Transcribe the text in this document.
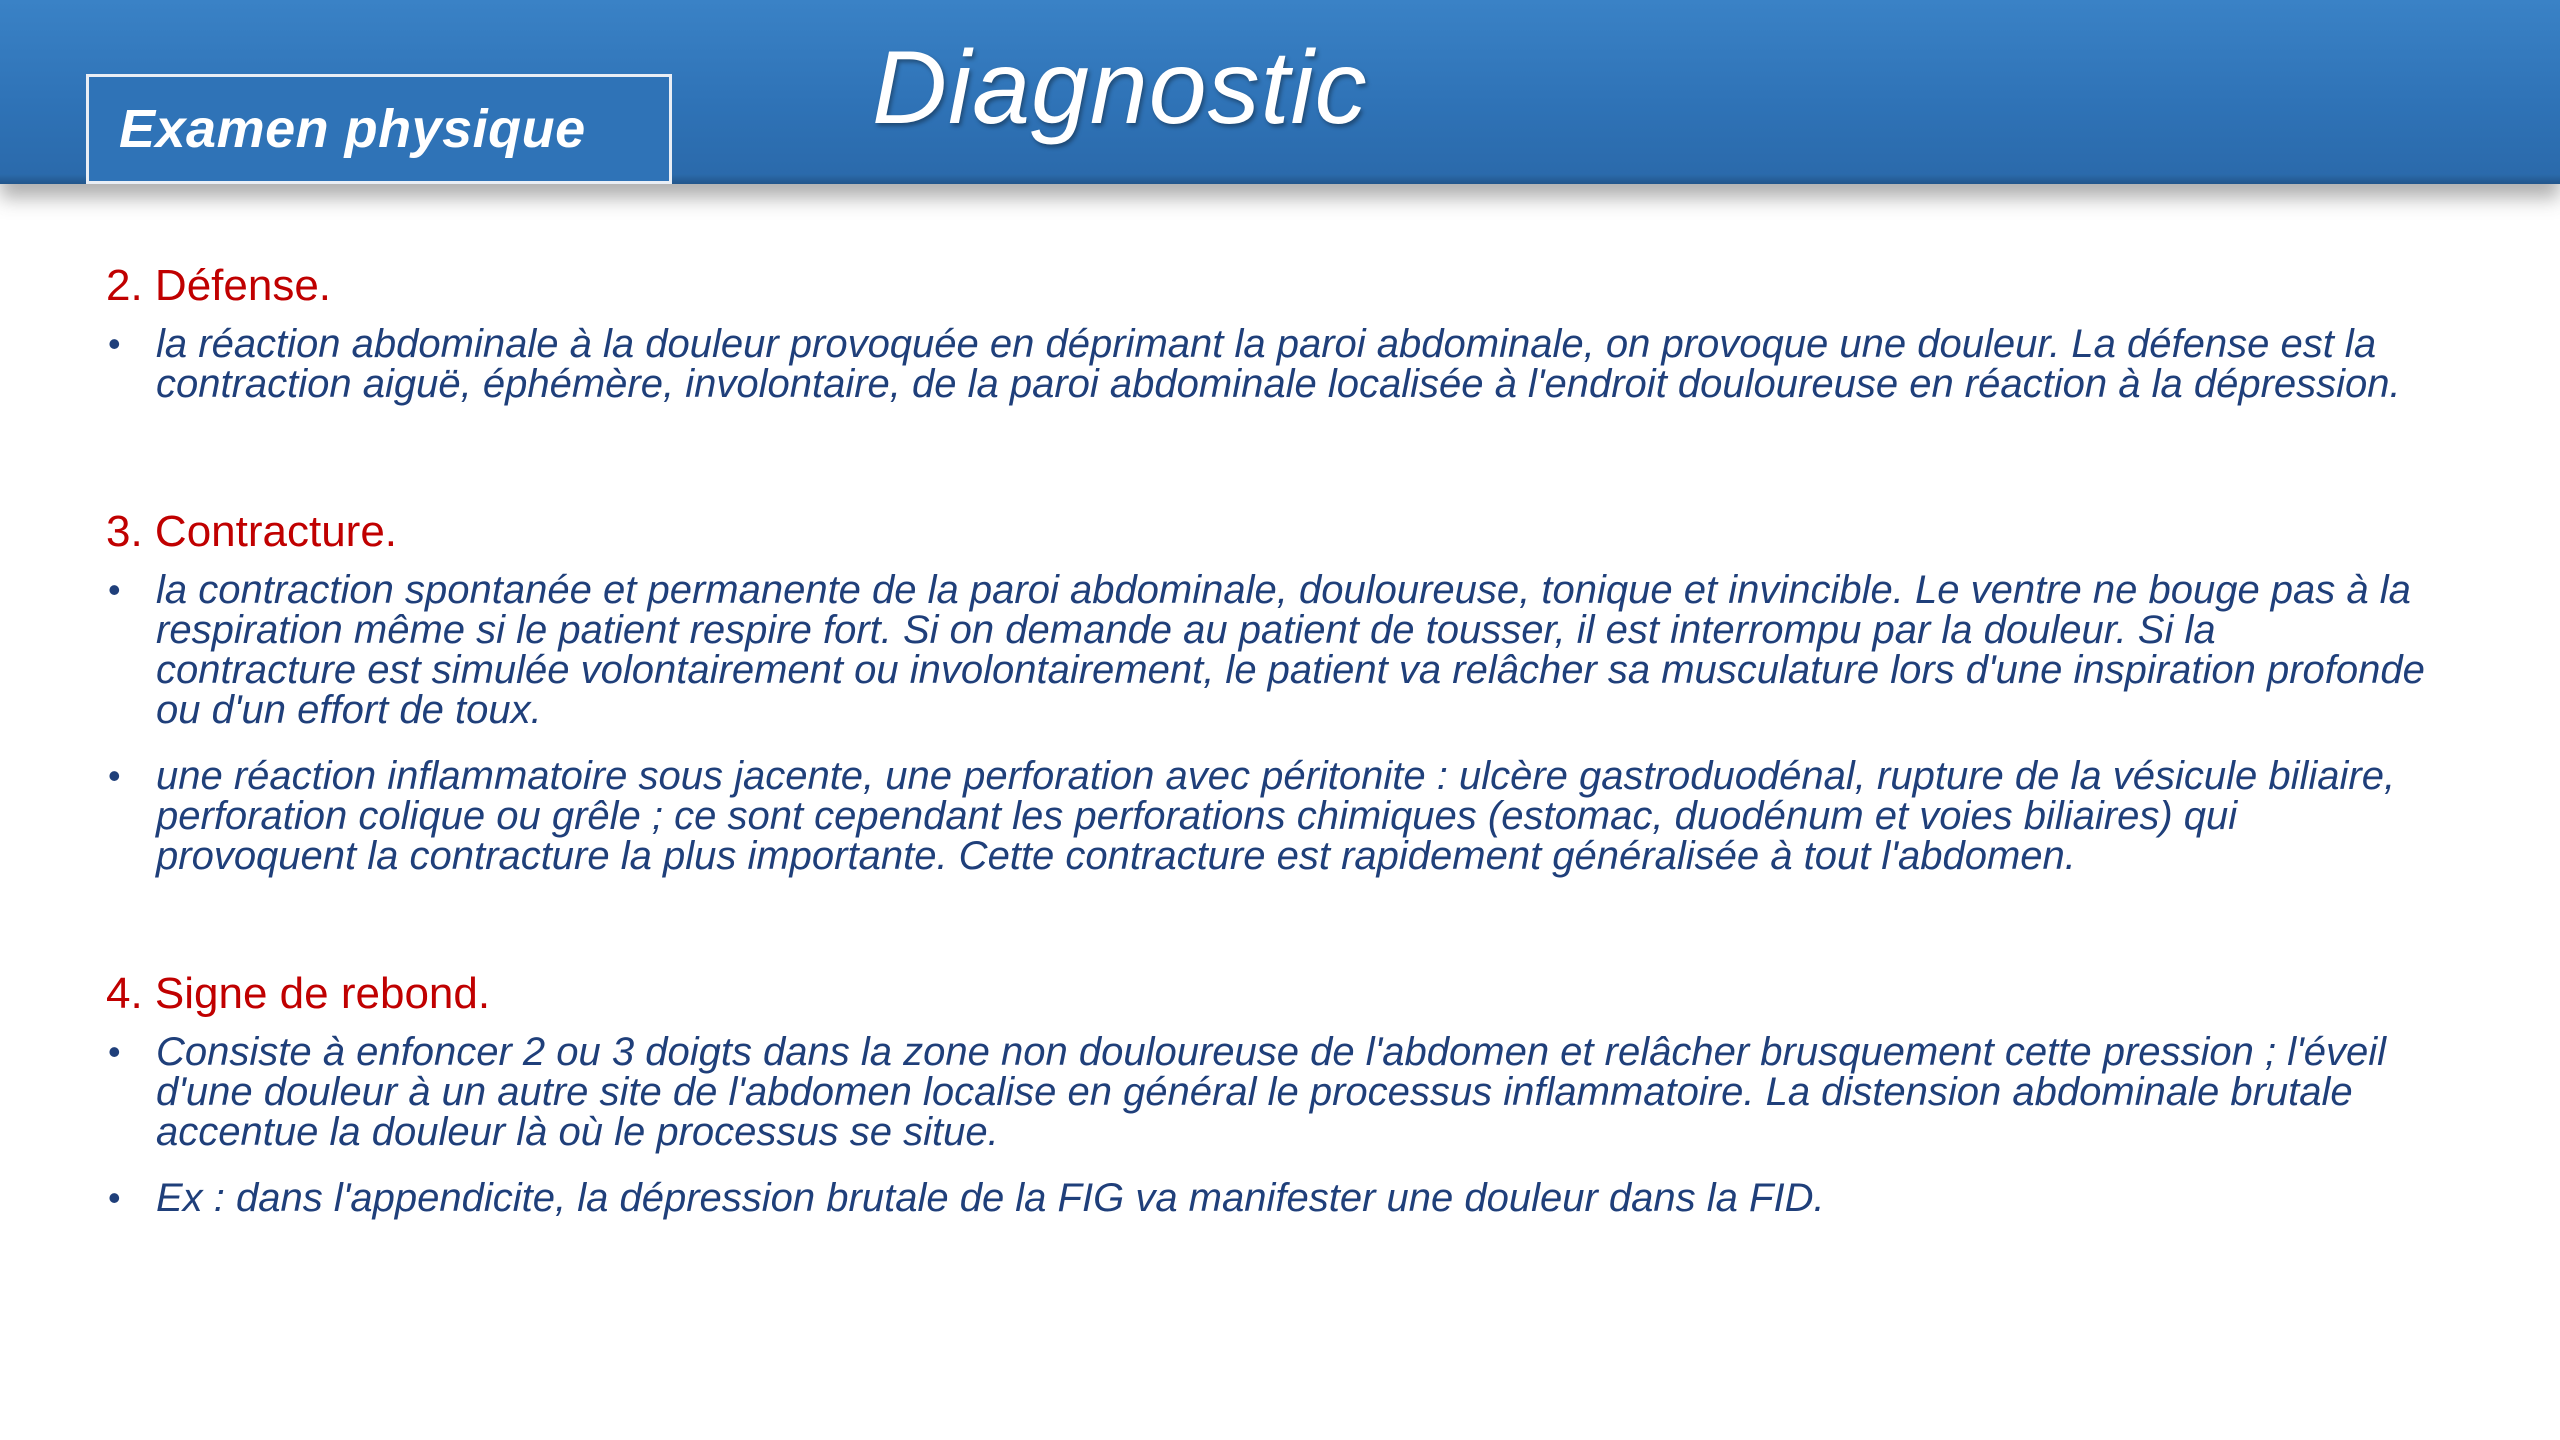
Examen physique	Diagnostic

2. Défense.

• la réaction abdominale à la douleur provoquée en déprimant la paroi abdominale, on provoque une douleur. La défense est la contraction aiguë, éphémère, involontaire, de la paroi abdominale localisée à l'endroit douloureuse en réaction à la dépression.

3. Contracture.

• la contraction spontanée et permanente de la paroi abdominale, douloureuse, tonique et invincible. Le ventre ne bouge pas à la respiration même si le patient respire fort. Si on demande au patient de tousser, il est interrompu par la douleur. Si la contracture est simulée volontairement ou involontairement, le patient va relâcher sa musculature lors d'une inspiration profonde ou d'un effort de toux.
• une réaction inflammatoire sous jacente, une perforation avec péritonite : ulcère gastroduodénal, rupture de la vésicule biliaire, perforation colique ou grêle ; ce sont cependant les perforations chimiques (estomac, duodénum et voies biliaires) qui provoquent la contracture la plus importante. Cette contracture est rapidement généralisée à tout l'abdomen.

4. Signe de rebond.

• Consiste à enfoncer 2 ou 3 doigts dans la zone non douloureuse de l'abdomen et relâcher brusquement cette pression ; l'éveil d'une douleur à un autre site de l'abdomen localise en général le processus inflammatoire. La distension abdominale brutale accentue la douleur là où le processus se situe.
• Ex : dans l'appendicite, la dépression brutale de la FIG va manifester une douleur dans la FID.
